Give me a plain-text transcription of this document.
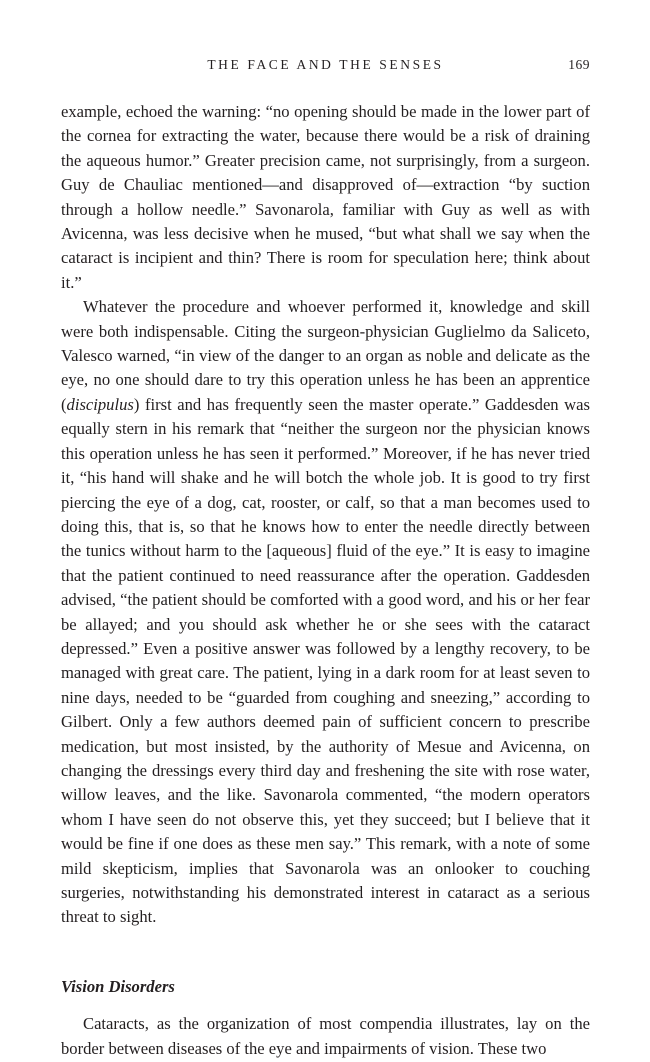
THE FACE AND THE SENSES	169

example, echoed the warning: “no opening should be made in the lower part of the cornea for extracting the water, because there would be a risk of draining the aqueous humor.” Greater precision came, not surprisingly, from a surgeon. Guy de Chauliac mentioned—and disapproved of—extraction “by suction through a hollow needle.” Savonarola, familiar with Guy as well as with Avicenna, was less decisive when he mused, “but what shall we say when the cataract is incipient and thin? There is room for speculation here; think about it.”

Whatever the procedure and whoever performed it, knowledge and skill were both indispensable. Citing the surgeon-physician Guglielmo da Saliceto, Valesco warned, “in view of the danger to an organ as noble and delicate as the eye, no one should dare to try this operation unless he has been an apprentice (discipulus) first and has frequently seen the master operate.” Gaddesden was equally stern in his remark that “neither the surgeon nor the physician knows this operation unless he has seen it performed.” Moreover, if he has never tried it, “his hand will shake and he will botch the whole job. It is good to try first piercing the eye of a dog, cat, rooster, or calf, so that a man becomes used to doing this, that is, so that he knows how to enter the needle directly between the tunics without harm to the [aqueous] fluid of the eye.” It is easy to imagine that the patient continued to need reassurance after the operation. Gaddesden advised, “the patient should be comforted with a good word, and his or her fear be allayed; and you should ask whether he or she sees with the cataract depressed.” Even a positive answer was followed by a lengthy recovery, to be managed with great care. The patient, lying in a dark room for at least seven to nine days, needed to be “guarded from coughing and sneezing,” according to Gilbert. Only a few authors deemed pain of sufficient concern to prescribe medication, but most insisted, by the authority of Mesue and Avicenna, on changing the dressings every third day and freshening the site with rose water, willow leaves, and the like. Savonarola commented, “the modern operators whom I have seen do not observe this, yet they succeed; but I believe that it would be fine if one does as these men say.” This remark, with a note of some mild skepticism, implies that Savonarola was an onlooker to couching surgeries, notwithstanding his demonstrated interest in cataract as a serious threat to sight.

Vision Disorders

Cataracts, as the organization of most compendia illustrates, lay on the border between diseases of the eye and impairments of vision. These two
